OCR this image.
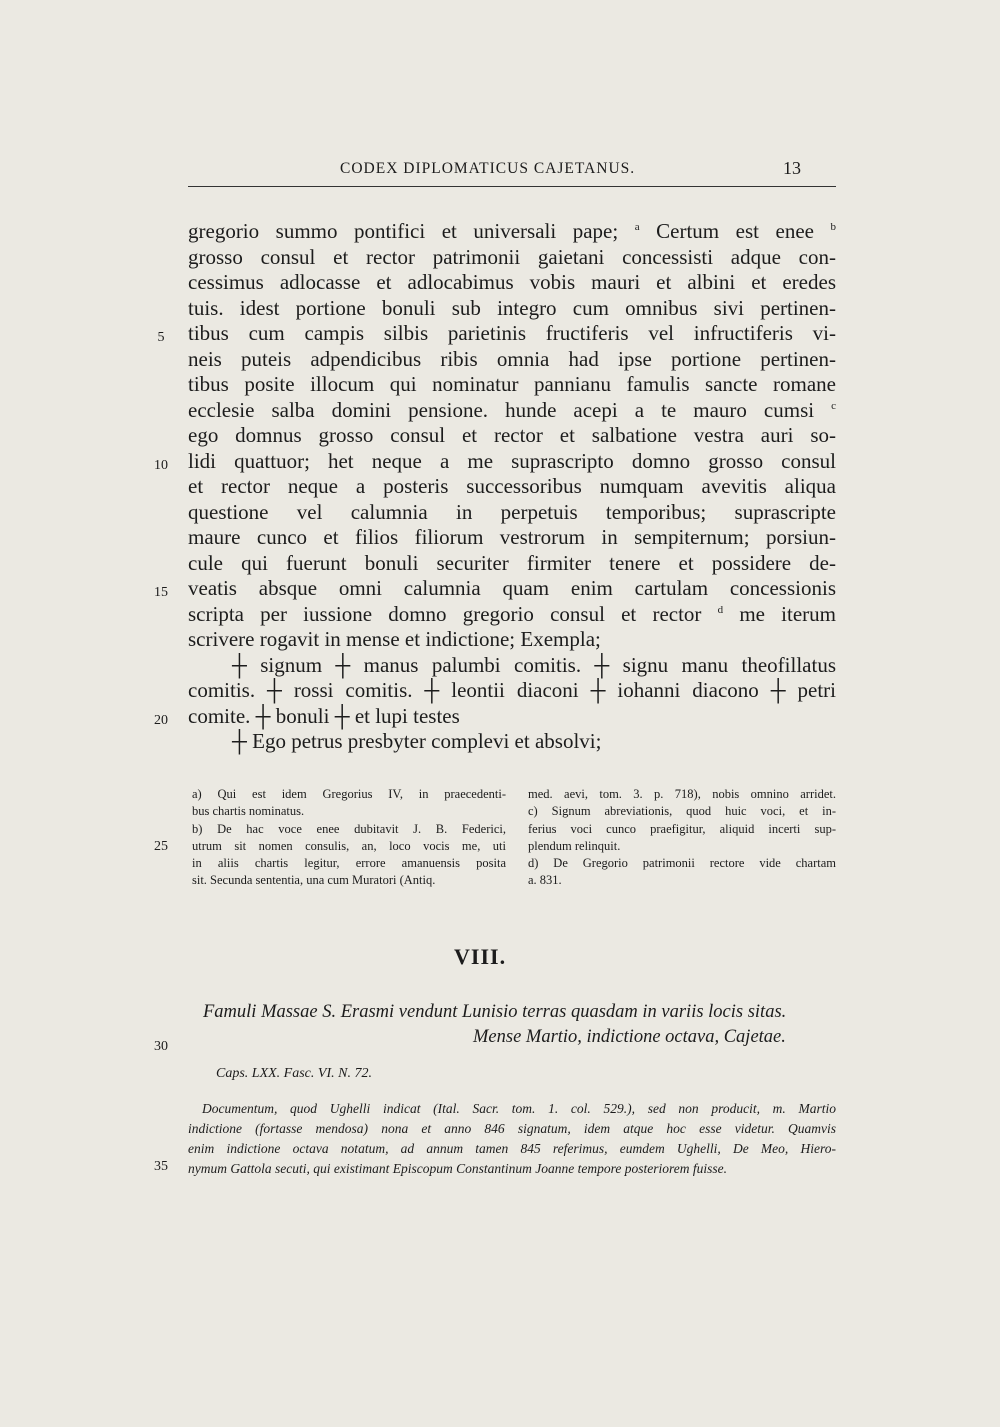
CODEX DIPLOMATICUS CAJETANUS.	13
gregorio summo pontifici et universali pape; $^a$ Certum est enee $^b$
grosso consul et rector patrimonii gaietani concessisti adque con-
cessimus adlocasse et adlocabimus vobis mauri et albini et eredes
tuis. idest portione bonuli sub integro cum omnibus sivi pertinen-
tibus cum campis silbis parietinis fructiferis vel infructiferis vi-
neis puteis adpendicibus ribis omnia had ipse portione pertinen-
tibus posite illocum qui nominatur pannianu famulis sancte romane
ecclesie salba domini pensione. hunde acepi a te mauro cumsi $^c$
ego domnus grosso consul et rector et salbatione vestra auri so-
lidi quattuor; het neque a me suprascripto domno grosso consul
et rector neque a posteris successoribus numquam avevitis aliqua
questione vel calumnia in perpetuis temporibus; suprascripte
maure cunco et filios filiorum vestrorum in sempiternum; porsiun-
cule qui fuerunt bonuli securiter firmiter tenere et possidere de-
veatis absque omni calumnia quam enim cartulam concessionis
scripta per iussione domno gregorio consul et rector $^d$ me iterum
scrivere rogavit in mense et indictione; Exempla;
┼ signum ┼ manus palumbi comitis. ┼ signu manu theofillatus
comitis. ┼ rossi comitis. ┼ leontii diaconi ┼ iohanni diacono ┼ petri
comite. ┼ bonuli ┼ et lupi testes
┼ Ego petrus presbyter complevi et absolvi;
5
10
15
20
25
30
35
a) Qui est idem Gregorius IV, in praecedenti-
bus chartis nominatus.
b) De hac voce enee dubitavit J. B. Federici,
utrum sit nomen consulis, an, loco vocis me, uti
in aliis chartis legitur, errore amanuensis posita
sit. Secunda sententia, una cum Muratori (Antiq.
med. aevi, tom. 3. p. 718), nobis omnino arridet.
c) Signum abreviationis, quod huic voci, et in-
ferius voci cunco praefigitur, aliquid incerti sup-
plendum relinquit.
d) De Gregorio patrimonii rectore vide chartam
a. 831.
VIII.
Famuli Massae S. Erasmi vendunt Lunisio terras quasdam in variis locis sitas.
Mense Martio, indictione octava, Cajetae.
Caps. LXX. Fasc. VI. N. 72.
Documentum, quod Ughelli indicat (Ital. Sacr. tom. 1. col. 529.), sed non producit, m. Martio
indictione (fortasse mendosa) nona et anno 846 signatum, idem atque hoc esse videtur. Quamvis
enim indictione octava notatum, ad annum tamen 845 referimus, eumdem Ughelli, De Meo, Hiero-
nymum Gattola secuti, qui existimant Episcopum Constantinum Joanne tempore posteriorem fuisse.
